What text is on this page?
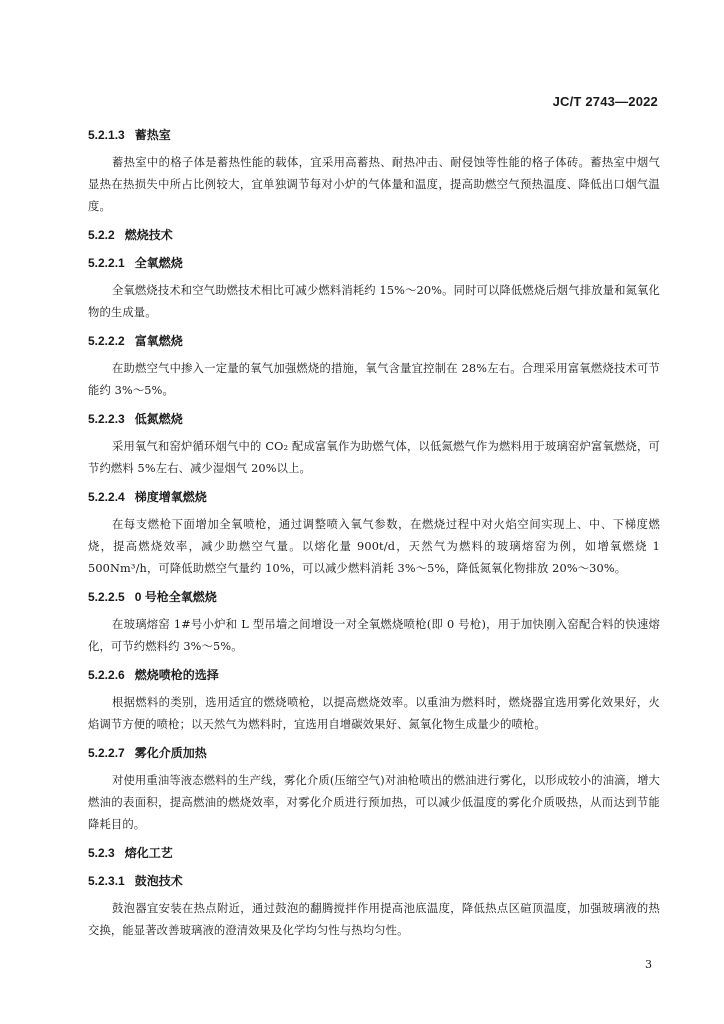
JC/T 2743—2022

5.2.1.3 蓄热室

蓄热室中的格子体是蓄热性能的载体，宜采用高蓄热、耐热冲击、耐侵蚀等性能的格子体砖。蓄热室中烟气显热在热损失中所占比例较大，宜单独调节每对小炉的气体量和温度，提高助燃空气预热温度、降低出口烟气温度。

5.2.2 燃烧技术

5.2.2.1 全氧燃烧

全氧燃烧技术和空气助燃技术相比可减少燃料消耗约 15%～20%。同时可以降低燃烧后烟气排放量和氮氧化物的生成量。

5.2.2.2 富氧燃烧

在助燃空气中掺入一定量的氧气加强燃烧的措施，氧气含量宜控制在 28%左右。合理采用富氧燃烧技术可节能约 3%～5%。

5.2.2.3 低氮燃烧

采用氧气和窑炉循环烟气中的 CO₂ 配成富氧作为助燃气体，以低氮燃气作为燃料用于玻璃窑炉富氧燃烧，可节约燃料 5%左右、减少湿烟气 20%以上。

5.2.2.4 梯度增氧燃烧

在每支燃枪下面增加全氧喷枪，通过调整喷入氧气参数，在燃烧过程中对火焰空间实现上、中、下梯度燃烧，提高燃烧效率，减少助燃空气量。以熔化量 900t/d，天然气为燃料的玻璃熔窑为例，如增氧燃烧 1 500Nm³/h，可降低助燃空气量约 10%，可以减少燃料消耗 3%～5%，降低氮氧化物排放 20%～30%。

5.2.2.5 0 号枪全氧燃烧

在玻璃熔窑 1#号小炉和 L 型吊墙之间增设一对全氧燃烧喷枪(即 0 号枪)，用于加快刚入窑配合料的快速熔化，可节约燃料约 3%～5%。

5.2.2.6 燃烧喷枪的选择

根据燃料的类别，选用适宜的燃烧喷枪，以提高燃烧效率。以重油为燃料时，燃烧器宜选用雾化效果好，火焰调节方便的喷枪；以天然气为燃料时，宜选用自增碳效果好、氮氧化物生成量少的喷枪。

5.2.2.7 雾化介质加热

对使用重油等液态燃料的生产线，雾化介质(压缩空气)对油枪喷出的燃油进行雾化，以形成较小的油滴，增大燃油的表面积，提高燃油的燃烧效率，对雾化介质进行预加热，可以减少低温度的雾化介质吸热，从而达到节能降耗目的。

5.2.3 熔化工艺

5.2.3.1 鼓泡技术

鼓泡器宜安装在热点附近，通过鼓泡的翻腾搅拌作用提高池底温度，降低热点区碹顶温度，加强玻璃液的热交换，能显著改善玻璃液的澄清效果及化学均匀性与热均匀性。

3
